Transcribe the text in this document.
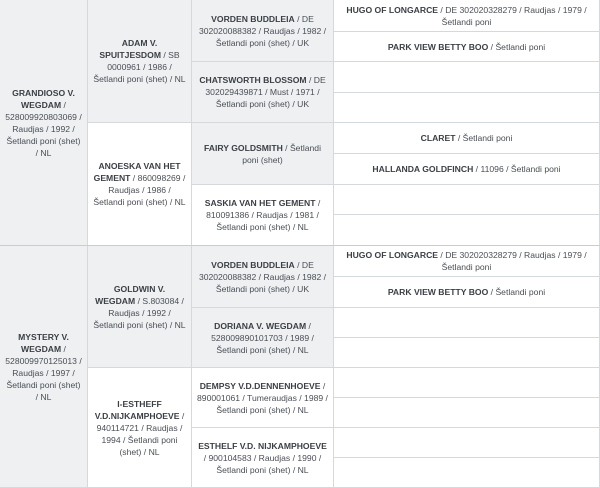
GRANDIOSO V. WEGDAM / 528009920803069 / Raudjas / 1992 / Šetlandi poni (shet) / NL
MYSTERY V. WEGDAM / 528009970125013 / Raudjas / 1997 / Šetlandi poni (shet) / NL
ADAM V. SPUITJESDOM / SB 0000961 / 1986 / Šetlandi poni (shet) / NL
ANOESKA VAN HET GEMENT / 860098269 / Raudjas / 1986 / Šetlandi poni (shet) / NL
GOLDWIN V. WEGDAM / S.803084 / Raudjas / 1992 / Šetlandi poni (shet) / NL
I-ESTHEFF V.D.NIJKAMPHOEVE / 940114721 / Raudjas / 1994 / Šetlandi poni (shet) / NL
VORDEN BUDDLEIA / DE 302020088382 / Raudjas / 1982 / Šetlandi poni (shet) / UK
CHATSWORTH BLOSSOM / DE 302029439871 / Must / 1971 / Šetlandi poni (shet) / UK
FAIRY GOLDSMITH / Šetlandi poni (shet)
SASKIA VAN HET GEMENT / 810091386 / Raudjas / 1981 / Šetlandi poni (shet) / NL
VORDEN BUDDLEIA / DE 302020088382 / Raudjas / 1982 / Šetlandi poni (shet) / UK
DORIANA V. WEGDAM / 528009890101703 / 1989 / Šetlandi poni (shet) / NL
DEMPSY V.D.DENNENHOEVE / 890001061 / Tumeraudjas / 1989 / Šetlandi poni (shet) / NL
ESTHELF V.D. NIJKAMPHOEVE / 900104583 / Raudjas / 1990 / Šetlandi poni (shet) / NL
HUGO OF LONGARCE / DE 302020328279 / Raudjas / 1979 / Šetlandi poni
PARK VIEW BETTY BOO / Šetlandi poni
CLARET / Šetlandi poni
HALLANDA GOLDFINCH / 11096 / Šetlandi poni
HUGO OF LONGARCE / DE 302020328279 / Raudjas / 1979 / Šetlandi poni
PARK VIEW BETTY BOO / Šetlandi poni
